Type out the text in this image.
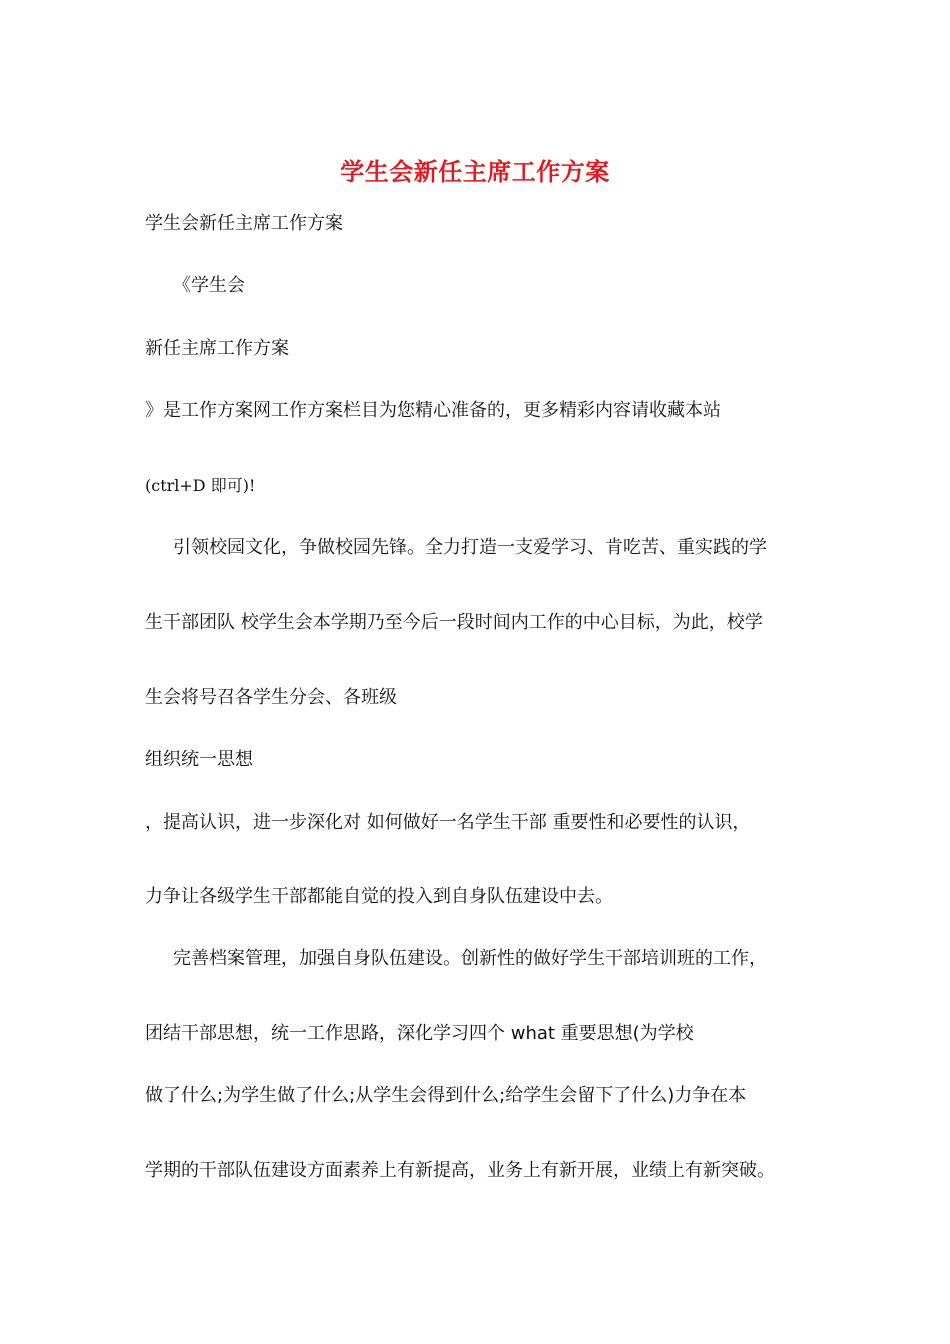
学生会新任主席工作方案
学生会新任主席工作方案
《学生会
新任主席工作方案
》是工作方案网工作方案栏目为您精心准备的，更多精彩内容请收藏本站
(ctrl+D 即可)!
引领校园文化，争做校园先锋。全力打造一支爱学习、肯吃苦、重实践的学
生干部团队 校学生会本学期乃至今后一段时间内工作的中心目标，为此，校学
生会将号召各学生分会、各班级
组织统一思想
，提高认识，进一步深化对 如何做好一名学生干部 重要性和必要性的认识，
力争让各级学生干部都能自觉的投入到自身队伍建设中去。
完善档案管理，加强自身队伍建设。创新性的做好学生干部培训班的工作，
团结干部思想，统一工作思路，深化学习四个 what 重要思想(为学校
做了什么;为学生做了什么;从学生会得到什么;给学生会留下了什么)力争在本
学期的干部队伍建设方面素养上有新提高，业务上有新开展，业绩上有新突破。
